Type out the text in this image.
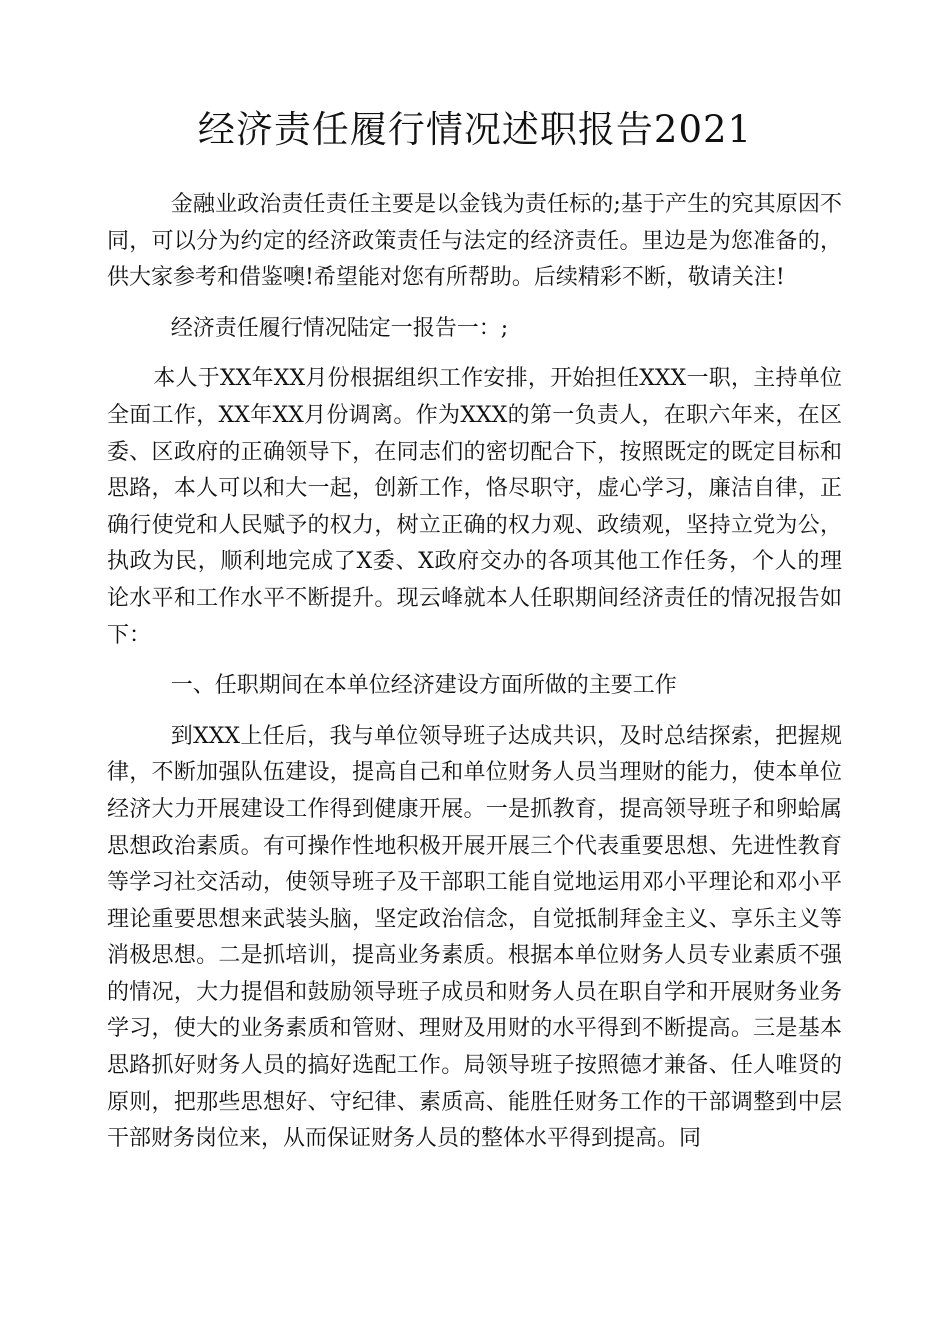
经济责任履行情况述职报告2021

金融业政治责任责任主要是以金钱为责任标的;基于产生的究其原因不同，可以分为约定的经济政策责任与法定的经济责任。里边是为您准备的，供大家参考和借鉴噢!希望能对您有所帮助。后续精彩不断，敬请关注!

经济责任履行情况陆定一报告一：;

本人于XX年XX月份根据组织工作安排，开始担任XXX一职，主持单位全面工作，XX年XX月份调离。作为XXX的第一负责人，在职六年来，在区委、区政府的正确领导下，在同志们的密切配合下，按照既定的既定目标和思路，本人可以和大一起，创新工作，恪尽职守，虚心学习，廉洁自律，正确行使党和人民赋予的权力，树立正确的权力观、政绩观，坚持立党为公，执政为民，顺利地完成了X委、X政府交办的各项其他工作任务，个人的理论水平和工作水平不断提升。现云峰就本人任职期间经济责任的情况报告如下：

一、任职期间在本单位经济建设方面所做的主要工作

到XXX上任后，我与单位领导班子达成共识，及时总结探索，把握规律，不断加强队伍建设，提高自己和单位财务人员当理财的能力，使本单位经济大力开展建设工作得到健康开展。一是抓教育，提高领导班子和卵蛤属思想政治素质。有可操作性地积极开展开展三个代表重要思想、先进性教育等学习社交活动，使领导班子及干部职工能自觉地运用邓小平理论和邓小平理论重要思想来武装头脑，坚定政治信念，自觉抵制拜金主义、享乐主义等消极思想。二是抓培训，提高业务素质。根据本单位财务人员专业素质不强的情况，大力提倡和鼓励领导班子成员和财务人员在职自学和开展财务业务学习，使大的业务素质和管财、理财及用财的水平得到不断提高。三是基本思路抓好财务人员的搞好选配工作。局领导班子按照德才兼备、任人唯贤的原则，把那些思想好、守纪律、素质高、能胜任财务工作的干部调整到中层干部财务岗位来，从而保证财务人员的整体水平得到提高。同
